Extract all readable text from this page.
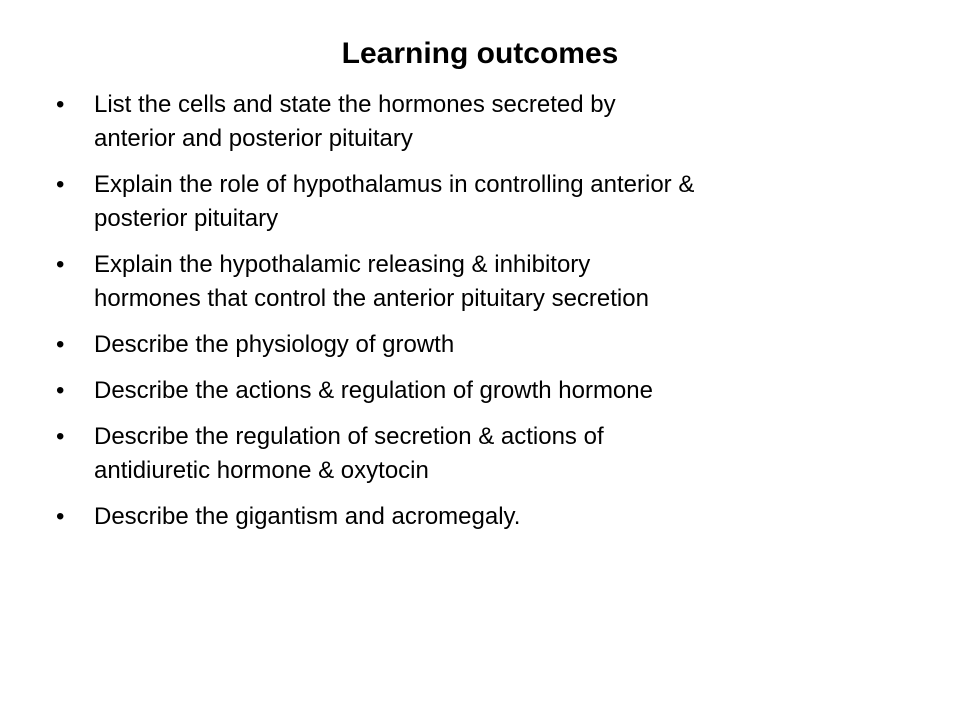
Learning outcomes
•	List the cells and state the hormones secreted by
anterior and posterior pituitary
•	Explain the role of hypothalamus in controlling anterior &
posterior pituitary
•	Explain the hypothalamic releasing & inhibitory
hormones that control the anterior pituitary secretion
•	Describe the physiology of growth
•	Describe the actions & regulation of growth hormone
•	Describe the regulation of secretion & actions of
antidiuretic hormone & oxytocin
•	Describe the gigantism and acromegaly.
